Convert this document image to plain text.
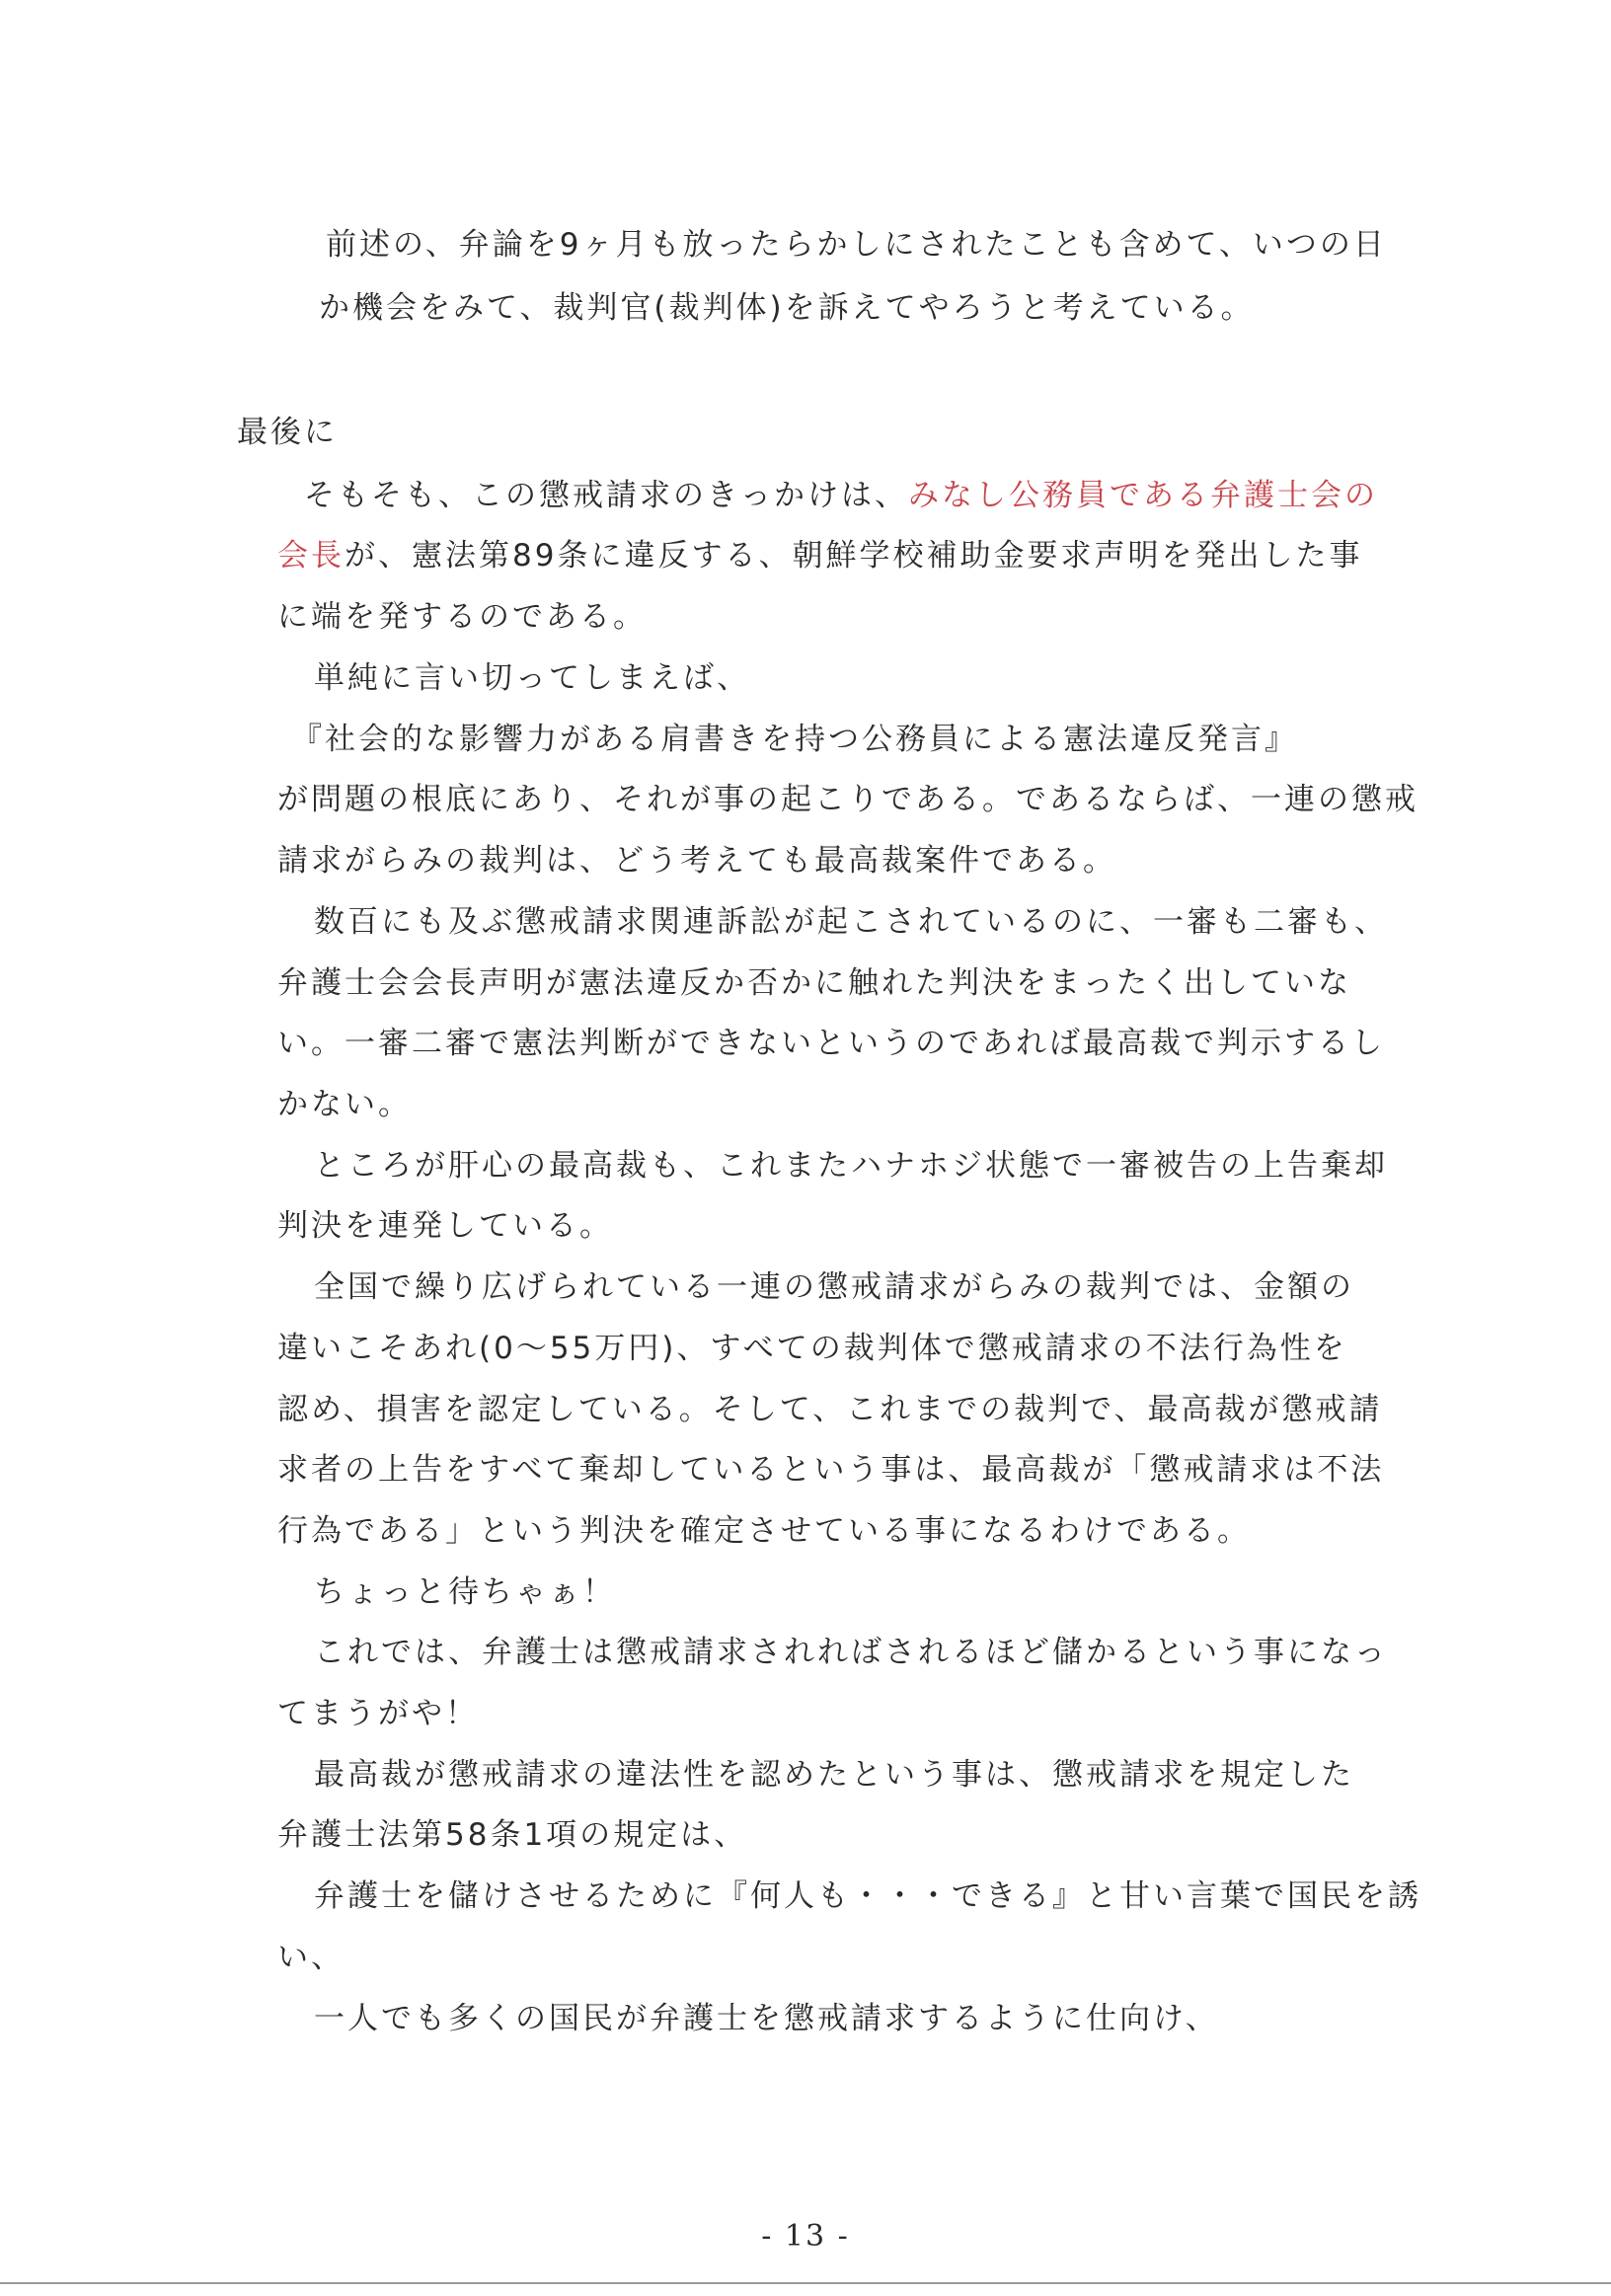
前述の、弁論を9ヶ月も放ったらかしにされたことも含めて、いつの日
か機会をみて、裁判官(裁判体)を訴えてやろうと考えている。
最後に
そもそも、この懲戒請求のきっかけは、みなし公務員である弁護士会の
会長が、憲法第89条に違反する、朝鮮学校補助金要求声明を発出した事
に端を発するのである。
単純に言い切ってしまえば、
『社会的な影響力がある肩書きを持つ公務員による憲法違反発言』
が問題の根底にあり、それが事の起こりである。であるならば、一連の懲戒
請求がらみの裁判は、どう考えても最高裁案件である。
数百にも及ぶ懲戒請求関連訴訟が起こされているのに、一審も二審も、
弁護士会会長声明が憲法違反か否かに触れた判決をまったく出していな
い。一審二審で憲法判断ができないというのであれば最高裁で判示するし
かない。
ところが肝心の最高裁も、これまたハナホジ状態で一審被告の上告棄却
判決を連発している。
全国で繰り広げられている一連の懲戒請求がらみの裁判では、金額の
違いこそあれ(0～55万円)、すべての裁判体で懲戒請求の不法行為性を
認め、損害を認定している。そして、これまでの裁判で、最高裁が懲戒請
求者の上告をすべて棄却しているという事は、最高裁が「懲戒請求は不法
行為である」という判決を確定させている事になるわけである。
ちょっと待ちゃぁ！
これでは、弁護士は懲戒請求されればされるほど儲かるという事になっ
てまうがや！
最高裁が懲戒請求の違法性を認めたという事は、懲戒請求を規定した
弁護士法第58条1項の規定は、
弁護士を儲けさせるために『何人も・・・できる』と甘い言葉で国民を誘
い、
一人でも多くの国民が弁護士を懲戒請求するように仕向け、
- 13 -
